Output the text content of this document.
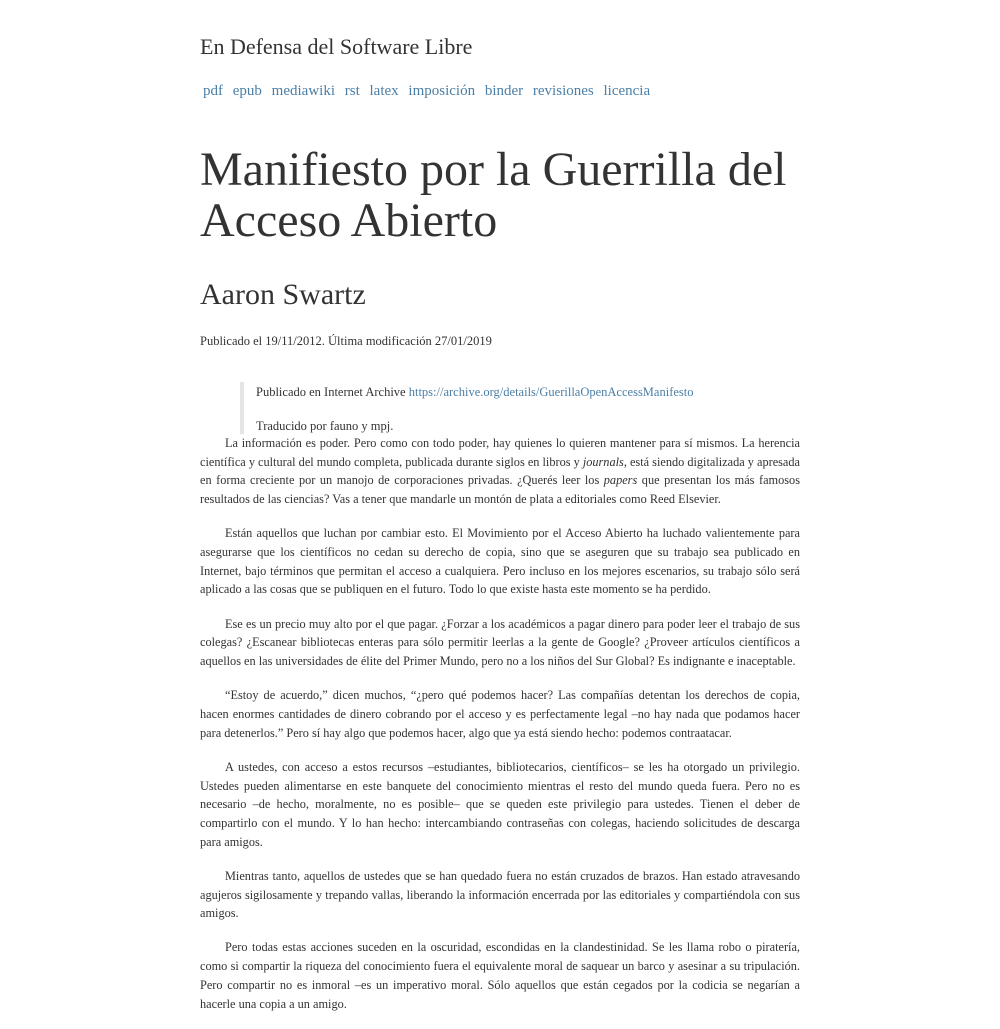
En Defensa del Software Libre
pdf epub mediawiki rst latex imposición binder revisiones licencia
Manifiesto por la Guerrilla del Acceso Abierto
Aaron Swartz
Publicado el 19/11/2012. Última modificación 27/01/2019

Publicado en Internet Archive https://archive.org/details/GuerillaOpenAccessManifesto

Traducido por fauno y mpj.

La información es poder. Pero como con todo poder, hay quienes lo quieren mantener para sí mismos. La herencia científica y cultural del mundo completa, publicada durante siglos en libros y journals, está siendo digitalizada y apresada en forma creciente por un manojo de corporaciones privadas. ¿Querés leer los papers que presentan los más famosos resultados de las ciencias? Vas a tener que mandarle un montón de plata a editoriales como Reed Elsevier.

Están aquellos que luchan por cambiar esto. El Movimiento por el Acceso Abierto ha luchado valientemente para asegurarse que los científicos no cedan su derecho de copia, sino que se aseguren que su trabajo sea publicado en Internet, bajo términos que permitan el acceso a cualquiera. Pero incluso en los mejores escenarios, su trabajo sólo será aplicado a las cosas que se publiquen en el futuro. Todo lo que existe hasta este momento se ha perdido.

Ese es un precio muy alto por el que pagar. ¿Forzar a los académicos a pagar dinero para poder leer el trabajo de sus colegas? ¿Escanear bibliotecas enteras para sólo permitir leerlas a la gente de Google? ¿Proveer artículos científicos a aquellos en las universidades de élite del Primer Mundo, pero no a los niños del Sur Global? Es indignante e inaceptable.

“Estoy de acuerdo,” dicen muchos, “¿pero qué podemos hacer? Las compañías detentan los derechos de copia, hacen enormes cantidades de dinero cobrando por el acceso y es perfectamente legal –no hay nada que podamos hacer para detenerlos.” Pero sí hay algo que podemos hacer, algo que ya está siendo hecho: podemos contraatacar.

A ustedes, con acceso a estos recursos –estudiantes, bibliotecarios, científicos– se les ha otorgado un privilegio. Ustedes pueden alimentarse en este banquete del conocimiento mientras el resto del mundo queda fuera. Pero no es necesario –de hecho, moralmente, no es posible– que se queden este privilegio para ustedes. Tienen el deber de compartirlo con el mundo. Y lo han hecho: intercambiando contraseñas con colegas, haciendo solicitudes de descarga para amigos.

Mientras tanto, aquellos de ustedes que se han quedado fuera no están cruzados de brazos. Han estado atravesando agujeros sigilosamente y trepando vallas, liberando la información encerrada por las editoriales y compartiéndola con sus amigos.

Pero todas estas acciones suceden en la oscuridad, escondidas en la clandestinidad. Se les llama robo o piratería, como si compartir la riqueza del conocimiento fuera el equivalente moral de saquear un barco y asesinar a su tripulación. Pero compartir no es inmoral –es un imperativo moral. Sólo aquellos que están cegados por la codicia se negarían a hacerle una copia a un amigo.
